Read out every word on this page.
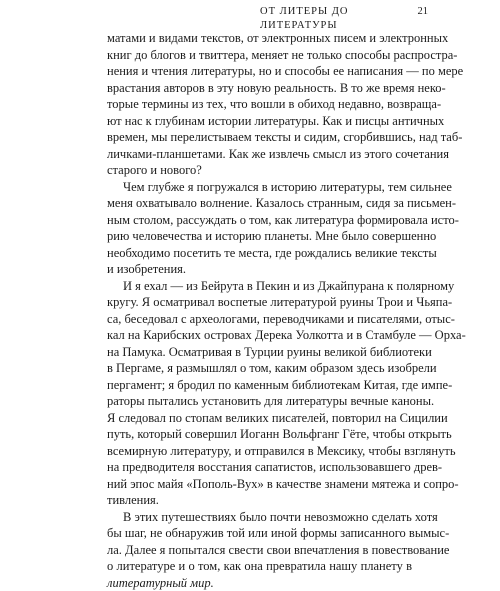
ОТ ЛИТЕРЫ ДО ЛИТЕРАТУРЫ
21
матами и видами текстов, от электронных писем и электронных
книг до блогов и твиттера, меняет не только способы распростра-
нения и чтения литературы, но и способы ее написания — по мере
врастания авторов в эту новую реальность. В то же время неко-
торые термины из тех, что вошли в обиход недавно, возвраща-
ют нас к глубинам истории литературы. Как и писцы античных
времен, мы перелистываем тексты и сидим, сгорбившись, над таб-
личками-планшетами. Как же извлечь смысл из этого сочетания
старого и нового?
Чем глубже я погружался в историю литературы, тем сильнее
меня охватывало волнение. Казалось странным, сидя за письмен-
ным столом, рассуждать о том, как литература формировала исто-
рию человечества и историю планеты. Мне было совершенно
необходимо посетить те места, где рождались великие тексты
и изобретения.
И я ехал — из Бейрута в Пекин и из Джайпурана к полярному
кругу. Я осматривал воспетые литературой руины Трои и Чьяпа-
са, беседовал с археологами, переводчиками и писателями, отыс-
кал на Карибских островах Дерека Уолкотта и в Стамбуле — Орха-
на Памука. Осматривая в Турции руины великой библиотеки
в Пергаме, я размышлял о том, каким образом здесь изобрели
пергамент; я бродил по каменным библиотекам Китая, где импе-
раторы пытались установить для литературы вечные каноны.
Я следовал по стопам великих писателей, повторил на Сицилии
путь, который совершил Иоганн Вольфганг Гёте, чтобы открыть
всемирную литературу, и отправился в Мексику, чтобы взглянуть
на предводителя восстания сапатистов, использовавшего древ-
ний эпос майя «Пополь-Вух» в качестве знамени мятежа и сопро-
тивления.
В этих путешествиях было почти невозможно сделать хотя
бы шаг, не обнаружив той или иной формы записанного вымыс-
ла. Далее я попытался свести свои впечатления в повествование
о литературе и о том, как она превратила нашу планету в
литературный мир.
